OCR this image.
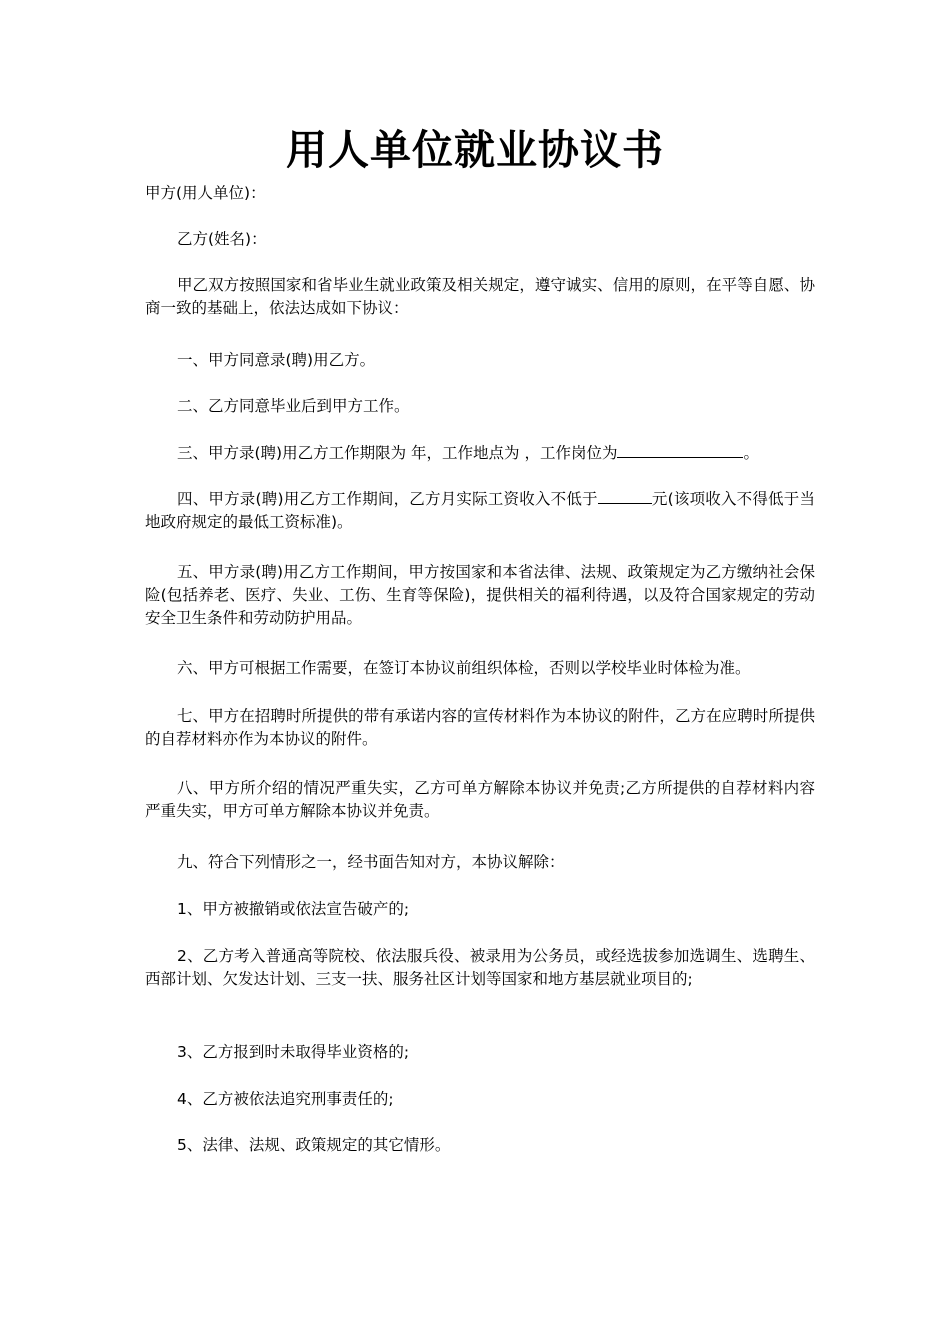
用人单位就业协议书

甲方(用人单位)：

乙方(姓名)：

甲乙双方按照国家和省毕业生就业政策及相关规定，遵守诚实、信用的原则，在平等自愿、协商一致的基础上，依法达成如下协议：

一、甲方同意录(聘)用乙方。

二、乙方同意毕业后到甲方工作。

三、甲方录(聘)用乙方工作期限为 年，工作地点为 ，工作岗位为	。

四、甲方录(聘)用乙方工作期间，乙方月实际工资收入不低于	元(该项收入不得低于当地政府规定的最低工资标准)。

五、甲方录(聘)用乙方工作期间，甲方按国家和本省法律、法规、政策规定为乙方缴纳社会保险(包括养老、医疗、失业、工伤、生育等保险)，提供相关的福利待遇，以及符合国家规定的劳动安全卫生条件和劳动防护用品。

六、甲方可根据工作需要，在签订本协议前组织体检，否则以学校毕业时体检为准。

七、甲方在招聘时所提供的带有承诺内容的宣传材料作为本协议的附件，乙方在应聘时所提供的自荐材料亦作为本协议的附件。

八、甲方所介绍的情况严重失实，乙方可单方解除本协议并免责;乙方所提供的自荐材料内容严重失实，甲方可单方解除本协议并免责。

九、符合下列情形之一，经书面告知对方，本协议解除：

1、甲方被撤销或依法宣告破产的;

2、乙方考入普通高等院校、依法服兵役、被录用为公务员，或经选拔参加选调生、选聘生、西部计划、欠发达计划、三支一扶、服务社区计划等国家和地方基层就业项目的;

3、乙方报到时未取得毕业资格的;

4、乙方被依法追究刑事责任的;

5、法律、法规、政策规定的其它情形。
